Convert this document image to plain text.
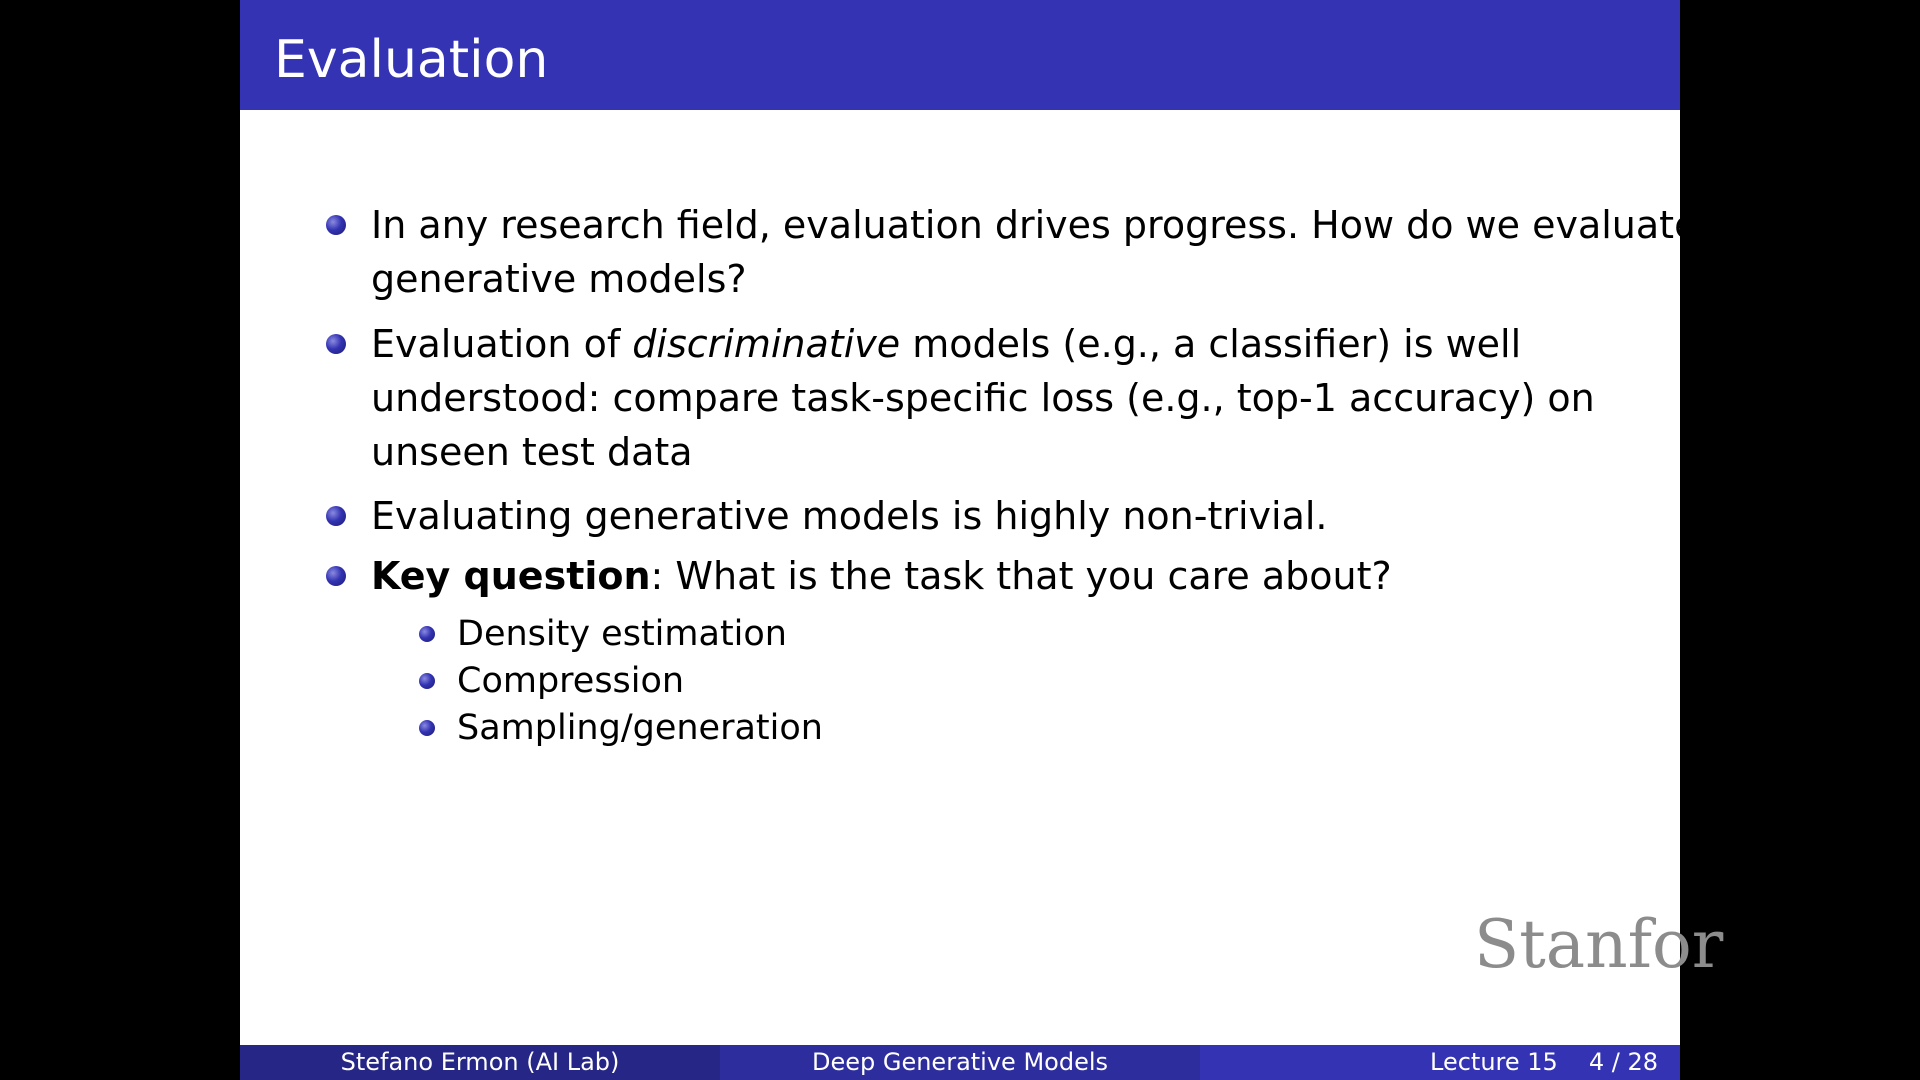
Evaluation
In any research field, evaluation drives progress. How do we evaluate
generative models?
Evaluation of discriminative models (e.g., a classifier) is well
understood: compare task-specific loss (e.g., top-1 accuracy) on
unseen test data
Evaluating generative models is highly non-trivial.
Key question: What is the task that you care about?
Density estimation
Compression
Sampling/generation
Stanfor
Stefano Ermon (AI Lab)	Deep Generative Models	Lecture 15 4 / 28
